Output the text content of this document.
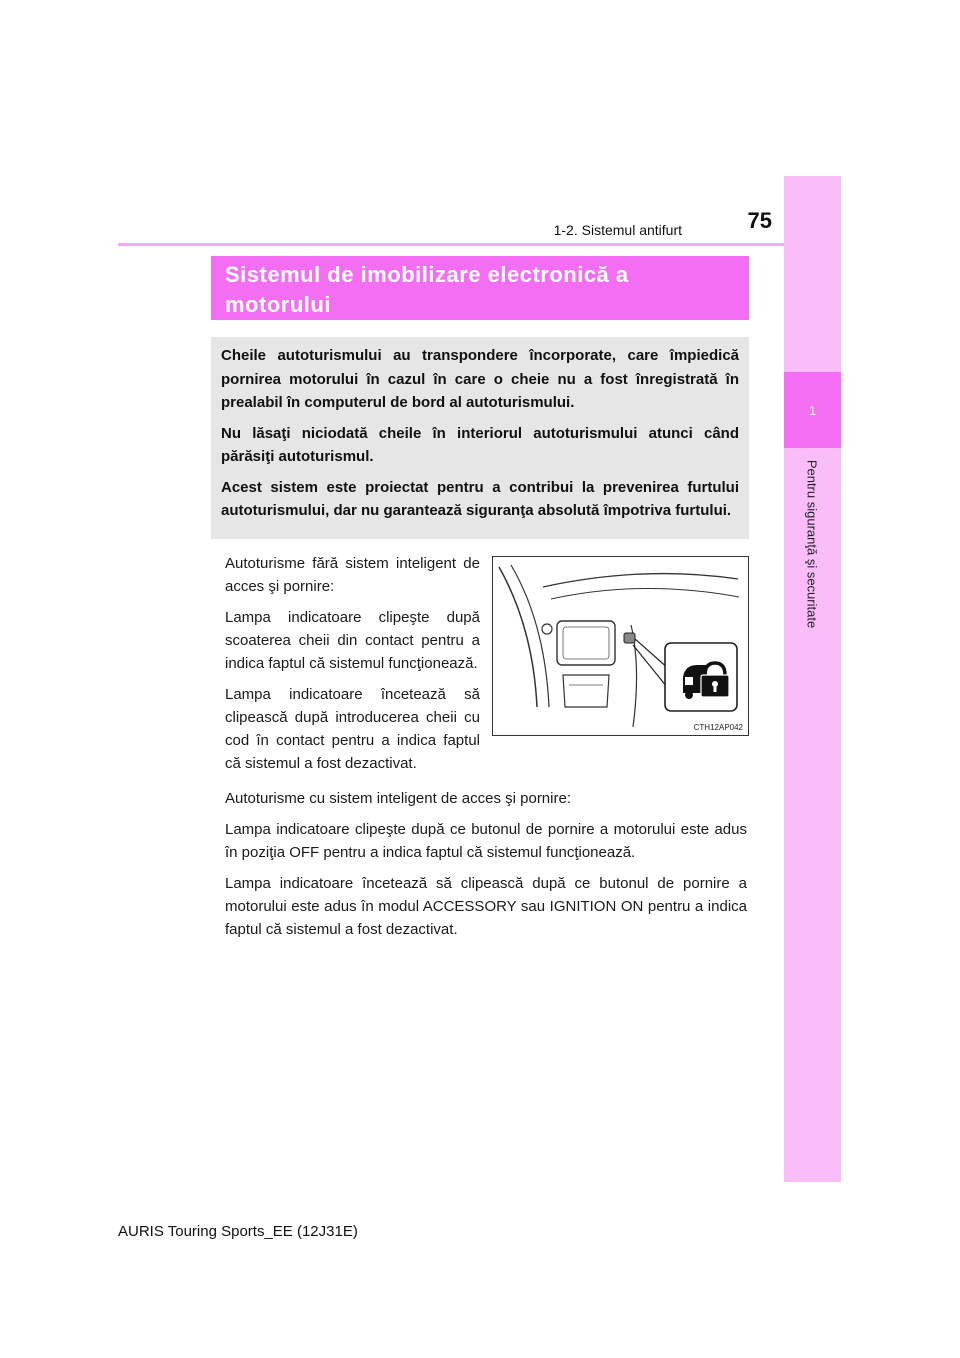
1
Pentru siguranţă şi securitate
1-2. Sistemul antifurt	75

Sistemul de imobilizare electronică a motorului

Cheile autoturismului au transpondere încorporate, care împiedică pornirea motorului în cazul în care o cheie nu a fost înregistrată în prealabil în computerul de bord al autoturismului.

Nu lăsaţi niciodată cheile în interiorul autoturismului atunci când părăsiţi autoturismul.

Acest sistem este proiectat pentru a contribui la prevenirea furtului autoturismului, dar nu garantează siguranţa absolută împotriva furtului.

Autoturisme fără sistem inteligent de acces şi pornire:

Lampa indicatoare clipeşte după scoaterea cheii din contact pentru a indica faptul că sistemul funcţionează.

Lampa indicatoare încetează să clipească după introducerea cheii cu cod în contact pentru a indica faptul că sistemul a fost dezactivat.

CTH12AP042

Autoturisme cu sistem inteligent de acces şi pornire:

Lampa indicatoare clipeşte după ce butonul de pornire a motorului este adus în poziţia OFF pentru a indica faptul că sistemul funcţionează.

Lampa indicatoare încetează să clipească după ce butonul de pornire a motorului este adus în modul ACCESSORY sau IGNITION ON pentru a indica faptul că sistemul a fost dezactivat.

AURIS Touring Sports_EE (12J31E)
